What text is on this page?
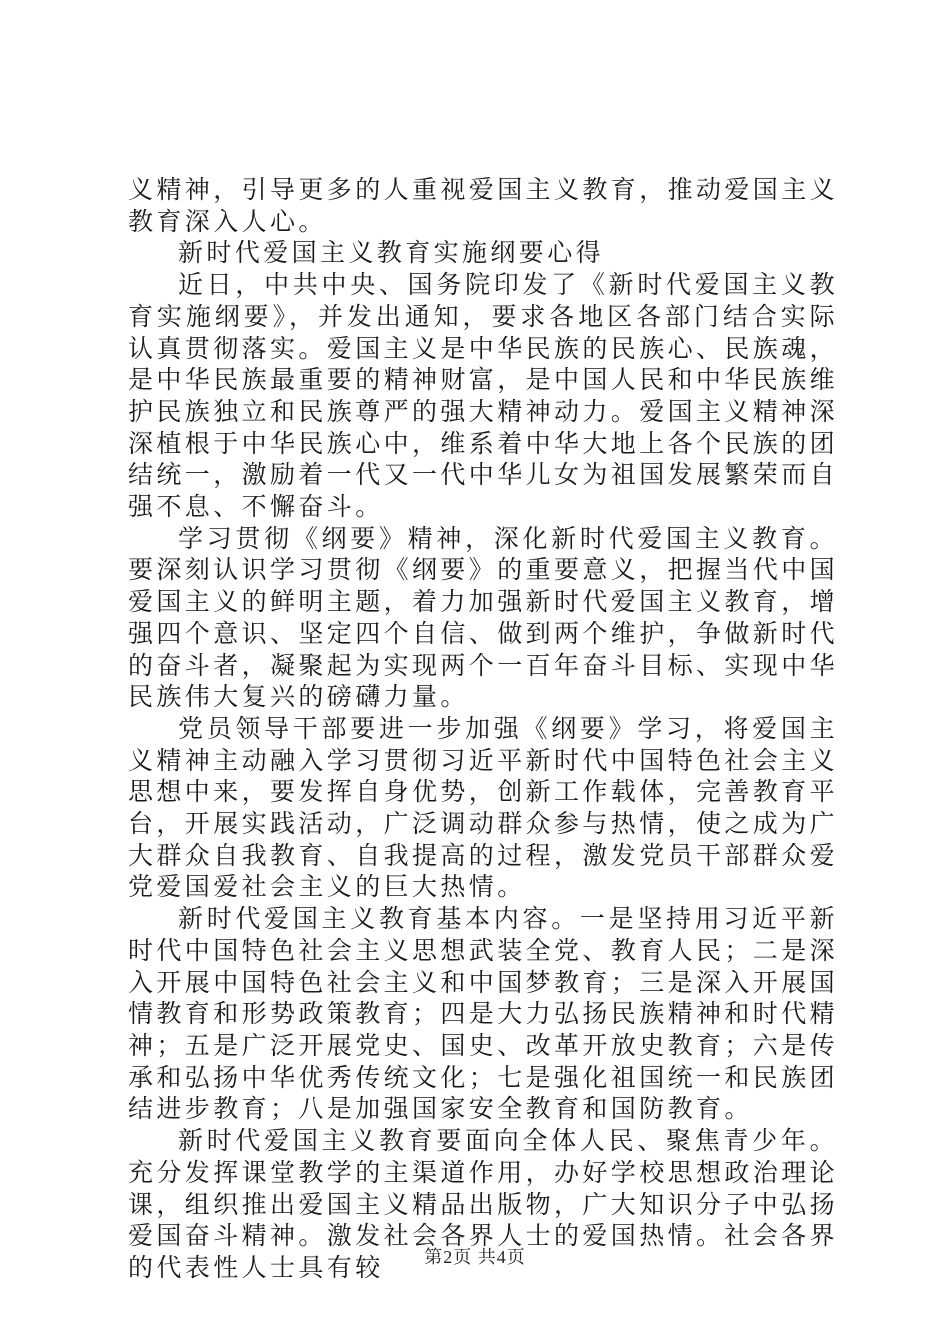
义精神，引导更多的人重视爱国主义教育，推动爱国主义教育深入人心。

新时代爱国主义教育实施纲要心得

近日，中共中央、国务院印发了《新时代爱国主义教育实施纲要》，并发出通知，要求各地区各部门结合实际认真贯彻落实。爱国主义是中华民族的民族心、民族魂，是中华民族最重要的精神财富，是中国人民和中华民族维护民族独立和民族尊严的强大精神动力。爱国主义精神深深植根于中华民族心中，维系着中华大地上各个民族的团结统一，激励着一代又一代中华儿女为祖国发展繁荣而自强不息、不懈奋斗。

学习贯彻《纲要》精神，深化新时代爱国主义教育。要深刻认识学习贯彻《纲要》的重要意义，把握当代中国爱国主义的鲜明主题，着力加强新时代爱国主义教育，增强四个意识、坚定四个自信、做到两个维护，争做新时代的奋斗者，凝聚起为实现两个一百年奋斗目标、实现中华民族伟大复兴的磅礴力量。

党员领导干部要进一步加强《纲要》学习，将爱国主义精神主动融入学习贯彻习近平新时代中国特色社会主义思想中来，要发挥自身优势，创新工作载体，完善教育平台，开展实践活动，广泛调动群众参与热情，使之成为广大群众自我教育、自我提高的过程，激发党员干部群众爱党爱国爱社会主义的巨大热情。

新时代爱国主义教育基本内容。一是坚持用习近平新时代中国特色社会主义思想武装全党、教育人民；二是深入开展中国特色社会主义和中国梦教育；三是深入开展国情教育和形势政策教育；四是大力弘扬民族精神和时代精神；五是广泛开展党史、国史、改革开放史教育；六是传承和弘扬中华优秀传统文化；七是强化祖国统一和民族团结进步教育；八是加强国家安全教育和国防教育。

新时代爱国主义教育要面向全体人民、聚焦青少年。充分发挥课堂教学的主渠道作用，办好学校思想政治理论课，组织推出爱国主义精品出版物，广大知识分子中弘扬爱国奋斗精神。激发社会各界人士的爱国热情。社会各界的代表性人士具有较	第2页 共4页
